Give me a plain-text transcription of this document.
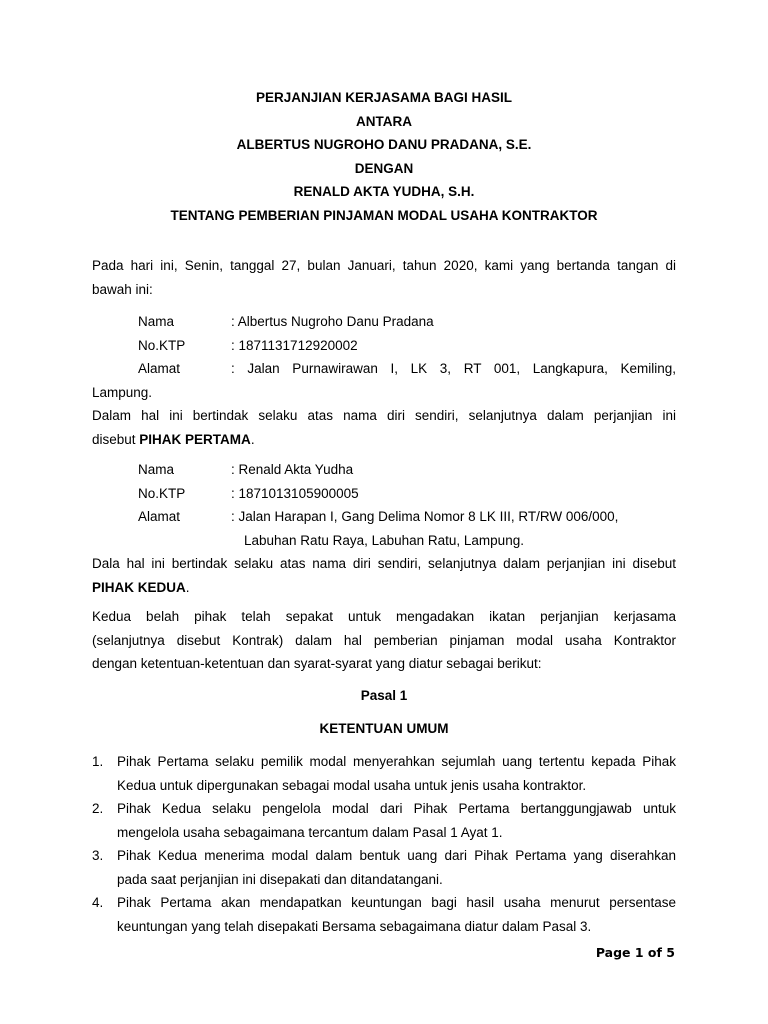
PERJANJIAN KERJASAMA BAGI HASIL
ANTARA
ALBERTUS NUGROHO DANU PRADANA, S.E.
DENGAN
RENALD AKTA YUDHA, S.H.
TENTANG PEMBERIAN PINJAMAN MODAL USAHA KONTRAKTOR
Pada hari ini, Senin, tanggal 27, bulan Januari, tahun 2020, kami yang bertanda tangan di
bawah ini:
Nama	: Albertus Nugroho Danu Pradana
No.KTP	: 1871131712920002
Alamat	: Jalan Purnawirawan I, LK 3, RT 001, Langkapura, Kemiling,
Lampung.
Dalam hal ini bertindak selaku atas nama diri sendiri, selanjutnya dalam perjanjian ini
disebut PIHAK PERTAMA.
Nama	: Renald Akta Yudha
No.KTP	: 1871013105900005
Alamat	: Jalan Harapan I, Gang Delima Nomor 8 LK III, RT/RW 006/000,
Labuhan Ratu Raya, Labuhan Ratu, Lampung.
Dala hal ini bertindak selaku atas nama diri sendiri, selanjutnya dalam perjanjian ini disebut
PIHAK KEDUA.
Kedua belah pihak telah sepakat untuk mengadakan ikatan perjanjian kerjasama
(selanjutnya disebut Kontrak) dalam hal pemberian pinjaman modal usaha Kontraktor
dengan ketentuan-ketentuan dan syarat-syarat yang diatur sebagai berikut:
Pasal 1
KETENTUAN UMUM
1. Pihak Pertama selaku pemilik modal menyerahkan sejumlah uang tertentu kepada Pihak
Kedua untuk dipergunakan sebagai modal usaha untuk jenis usaha kontraktor.
2. Pihak Kedua selaku pengelola modal dari Pihak Pertama bertanggungjawab untuk
mengelola usaha sebagaimana tercantum dalam Pasal 1 Ayat 1.
3. Pihak Kedua menerima modal dalam bentuk uang dari Pihak Pertama yang diserahkan
pada saat perjanjian ini disepakati dan ditandatangani.
4. Pihak Pertama akan mendapatkan keuntungan bagi hasil usaha menurut persentase
keuntungan yang telah disepakati Bersama sebagaimana diatur dalam Pasal 3.
Page 1 of 5
